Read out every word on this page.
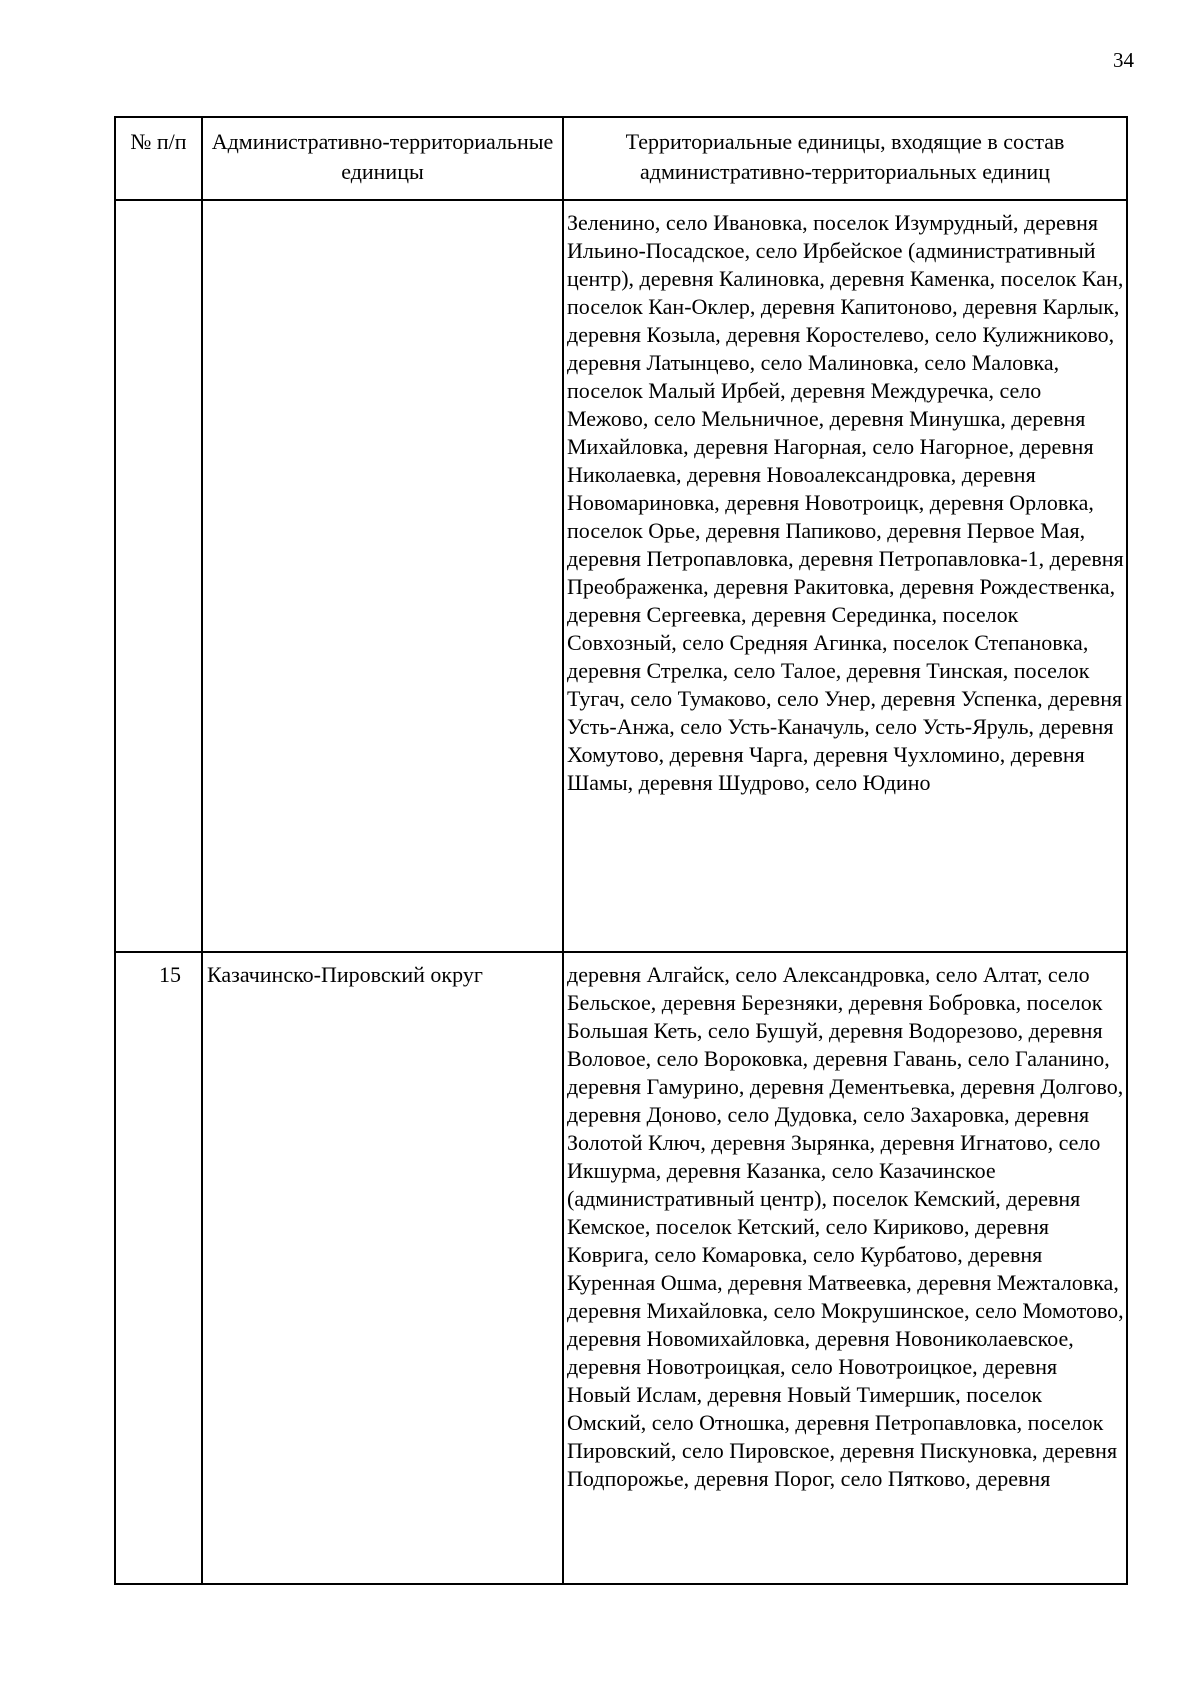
34
№ п/п	Административно-территориальные единицы	Территориальные единицы, входящие в состав административно-территориальных единиц

		Зеленино, село Ивановка, поселок Изумрудный, деревня Ильино-Посадское, село Ирбейское (административный центр), деревня Калиновка, деревня Каменка, поселок Кан, поселок Кан-Оклер, деревня Капитоново, деревня Карлык, деревня Козыла, деревня Коростелево, село Кулижниково, деревня Латынцево, село Малиновка, село Маловка, поселок Малый Ирбей, деревня Междуречка, село Межово, село Мельничное, деревня Минушка, деревня Михайловка, деревня Нагорная, село Нагорное, деревня Николаевка, деревня Новоалександровка, деревня Новомариновка, деревня Новотроицк, деревня Орловка, поселок Орье, деревня Папиково, деревня Первое Мая, деревня Петропавловка, деревня Петропавловка-1, деревня Преображенка, деревня Ракитовка, деревня Рождественка, деревня Сергеевка, деревня Серединка, поселок Совхозный, село Средняя Агинка, поселок Степановка, деревня Стрелка, село Талое, деревня Тинская, поселок Тугач, село Тумаково, село Унер, деревня Успенка, деревня Усть-Анжа, село Усть-Каначуль, село Усть-Яруль, деревня Хомутово, деревня Чарга, деревня Чухломино, деревня Шамы, деревня Шудрово, село Юдино

15	Казачинско-Пировский округ	деревня Алгайск, село Александровка, село Алтат, село Бельское, деревня Березняки, деревня Бобровка, поселок Большая Кеть, село Бушуй, деревня Водорезово, деревня Воловое, село Вороковка, деревня Гавань, село Галанино, деревня Гамурино, деревня Дементьевка, деревня Долгово, деревня Доново, село Дудовка, село Захаровка, деревня Золотой Ключ, деревня Зырянка, деревня Игнатово, село Икшурма, деревня Казанка, село Казачинское (административный центр), поселок Кемский, деревня Кемское, поселок Кетский, село Кириково, деревня Коврига, село Комаровка, село Курбатово, деревня Куренная Ошма, деревня Матвеевка, деревня Межталовка, деревня Михайловка, село Мокрушинское, село Момотово, деревня Новомихайловка, деревня Новониколаевское, деревня Новотроицкая, село Новотроицкое, деревня Новый Ислам, деревня Новый Тимершик, поселок Омский, село Отношка, деревня Петропавловка, поселок Пировский, село Пировское, деревня Пискуновка, деревня Подпорожье, деревня Порог, село Пятково, деревня
